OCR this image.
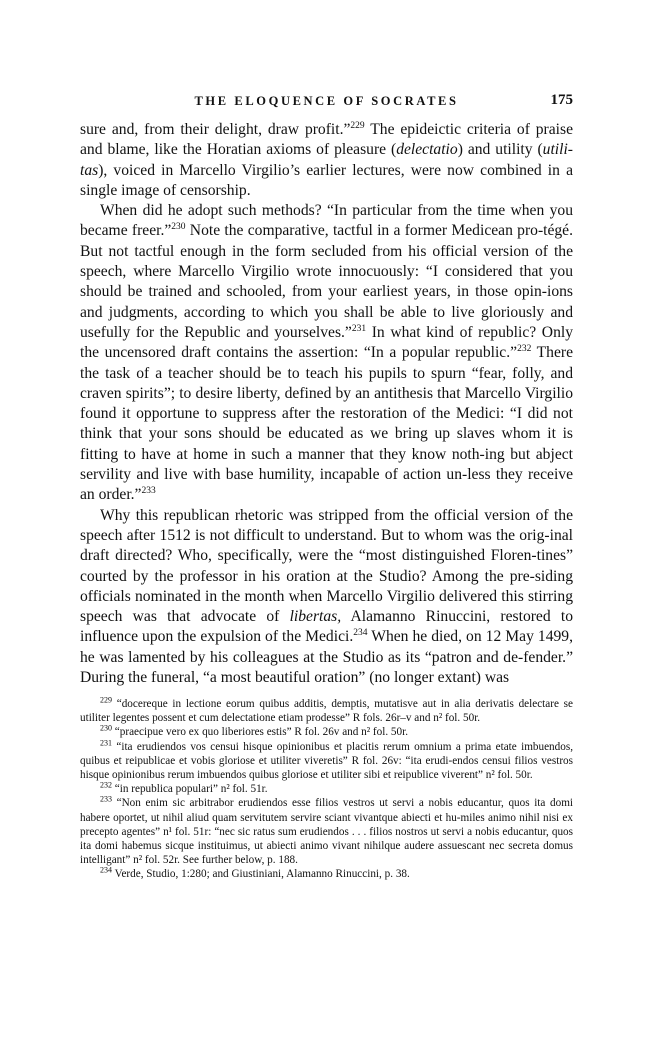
THE ELOQUENCE OF SOCRATES	175

sure and, from their delight, draw profit.”$^{229}$ The epideictic criteria of praise and blame, like the Horatian axioms of pleasure (delectatio) and utility (utili-tas), voiced in Marcello Virgilio’s earlier lectures, were now combined in a single image of censorship.

When did he adopt such methods? “In particular from the time when you became freer.”$^{230}$ Note the comparative, tactful in a former Medicean pro-tégé. But not tactful enough in the form secluded from his official version of the speech, where Marcello Virgilio wrote innocuously: “I considered that you should be trained and schooled, from your earliest years, in those opin-ions and judgments, according to which you shall be able to live gloriously and usefully for the Republic and yourselves.”$^{231}$ In what kind of republic? Only the uncensored draft contains the assertion: “In a popular republic.”$^{232}$ There the task of a teacher should be to teach his pupils to spurn “fear, folly, and craven spirits”; to desire liberty, defined by an antithesis that Marcello Virgilio found it opportune to suppress after the restoration of the Medici: “I did not think that your sons should be educated as we bring up slaves whom it is fitting to have at home in such a manner that they know noth-ing but abject servility and live with base humility, incapable of action un-less they receive an order.”$^{233}$

Why this republican rhetoric was stripped from the official version of the speech after 1512 is not difficult to understand. But to whom was the orig-inal draft directed? Who, specifically, were the “most distinguished Floren-tines” courted by the professor in his oration at the Studio? Among the pre-siding officials nominated in the month when Marcello Virgilio delivered this stirring speech was that advocate of libertas, Alamanno Rinuccini, restored to influence upon the expulsion of the Medici.$^{234}$ When he died, on 12 May 1499, he was lamented by his colleagues at the Studio as its “patron and de-fender.” During the funeral, “a most beautiful oration” (no longer extant) was

$^{229}$ “docereque in lectione eorum quibus additis, demptis, mutatisve aut in alia derivatis delectare se utiliter legentes possent et cum delectatione etiam prodesse” R fols. 26r–v and n² fol. 50r.

$^{230}$ “praecipue vero ex quo liberiores estis” R fol. 26v and n² fol. 50r.

$^{231}$ “ita erudiendos vos censui hisque opinionibus et placitis rerum omnium a prima etate imbuendos, quibus et reipublicae et vobis gloriose et utiliter viveretis” R fol. 26v: “ita erudi-endos censui filios vestros hisque opinionibus rerum imbuendos quibus gloriose et utiliter sibi et reipublice viverent” n² fol. 50r.

$^{232}$ “in republica populari” n² fol. 51r.

$^{233}$ “Non enim sic arbitrabor erudiendos esse filios vestros ut servi a nobis educantur, quos ita domi habere oportet, ut nihil aliud quam servitutem servire sciant vivantque abiecti et hu-miles animo nihil nisi ex precepto agentes” n¹ fol. 51r: “nec sic ratus sum erudiendos . . . filios nostros ut servi a nobis educantur, quos ita domi habemus sicque instituimus, ut abiecti animo vivant nihilque audere assuescant nec secreta domus intelligant” n² fol. 52r. See further below, p. 188.

$^{234}$ Verde, Studio, 1:280; and Giustiniani, Alamanno Rinuccini, p. 38.
